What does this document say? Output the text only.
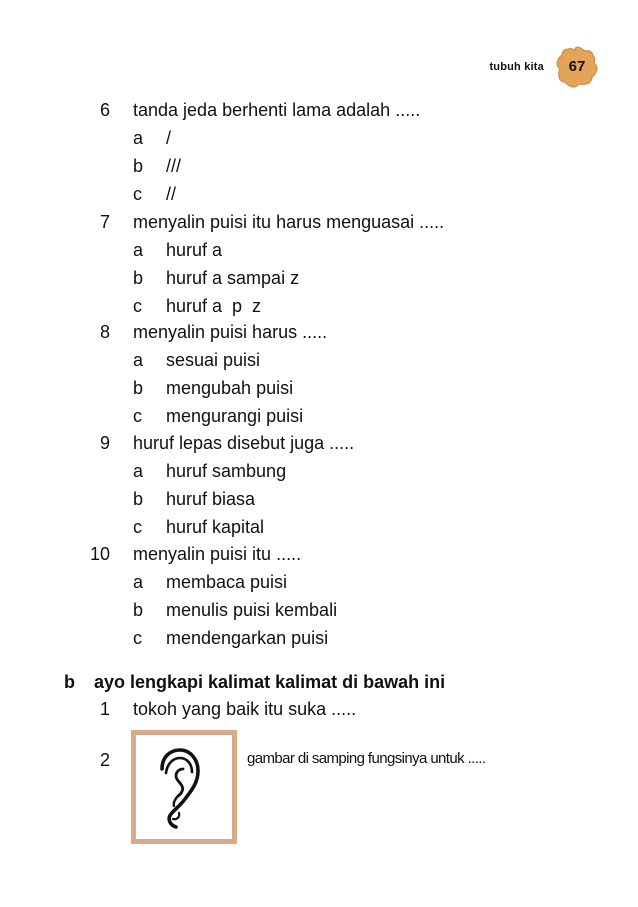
tubuh kita	67
6 tanda jeda berhenti lama adalah .....
a	/
b	///
c	//
7 menyalin puisi itu harus menguasai .....
a	huruf a
b	huruf a sampai z
c	huruf a  p  z
8 menyalin puisi harus .....
a	sesuai puisi
b	mengubah puisi
c	mengurangi puisi
9 huruf lepas disebut juga .....
a	huruf sambung
b	huruf biasa
c	huruf kapital
10 menyalin puisi itu .....
a	membaca puisi
b	menulis puisi kembali
c	mendengarkan puisi
b ayo lengkapi kalimat kalimat di bawah ini
1 tokoh yang baik itu suka .....
2	gambar di samping fungsinya untuk .....
